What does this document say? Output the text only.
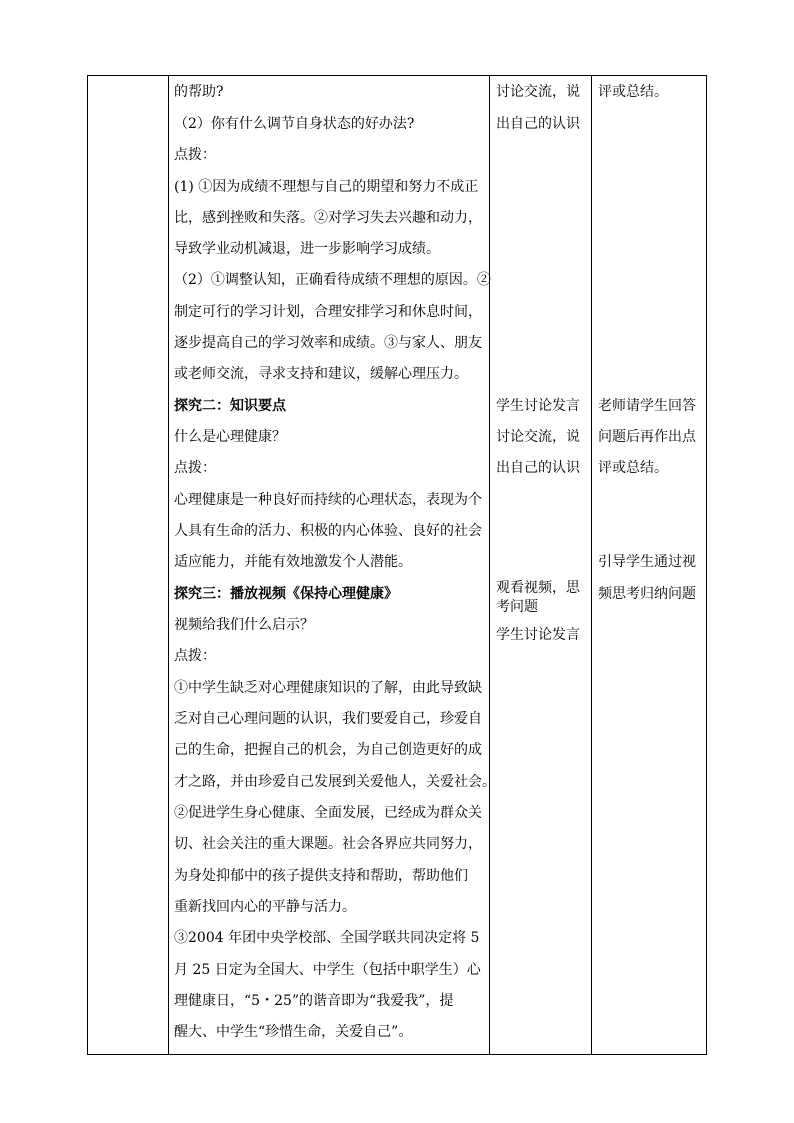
的帮助?
（2）你有什么调节自身状态的好办法?
点拨：
(1) ①因为成绩不理想与自己的期望和努力不成正
比，感到挫败和失落。②对学习失去兴趣和动力，
导致学业动机减退，进一步影响学习成绩。
（2）①调整认知，正确看待成绩不理想的原因。②
制定可行的学习计划，合理安排学习和休息时间，
逐步提高自己的学习效率和成绩。③与家人、朋友
或老师交流，寻求支持和建议，缓解心理压力。
探究二：知识要点
什么是心理健康？
点拨：
心理健康是一种良好而持续的心理状态，表现为个
人具有生命的活力、积极的内心体验、良好的社会
适应能力，并能有效地激发个人潜能。
探究三：播放视频《保持心理健康》
视频给我们什么启示？
点拨：
①中学生缺乏对心理健康知识的了解，由此导致缺
乏对自己心理问题的认识，我们要爱自己，珍爱自
己的生命，把握自己的机会，为自己创造更好的成
才之路，并由珍爱自己发展到关爱他人，关爱社会。
②促进学生身心健康、全面发展，已经成为群众关
切、社会关注的重大课题。社会各界应共同努力，
为身处抑郁中的孩子提供支持和帮助，帮助他们
重新找回内心的平静与活力。
③2004 年团中央学校部、全国学联共同决定将 5
月 25 日定为全国大、中学生（包括中职学生）心
理健康日，“5・25”的谐音即为“我爱我”，提
醒大、中学生“珍惜生命，关爱自己”。
讨论交流，说
出自己的认识
学生讨论发言
讨论交流，说
出自己的认识
观看视频，思
考问题
学生讨论发言
评或总结。
老师请学生回答
问题后再作出点
评或总结。
引导学生通过视
频思考归纳问题
